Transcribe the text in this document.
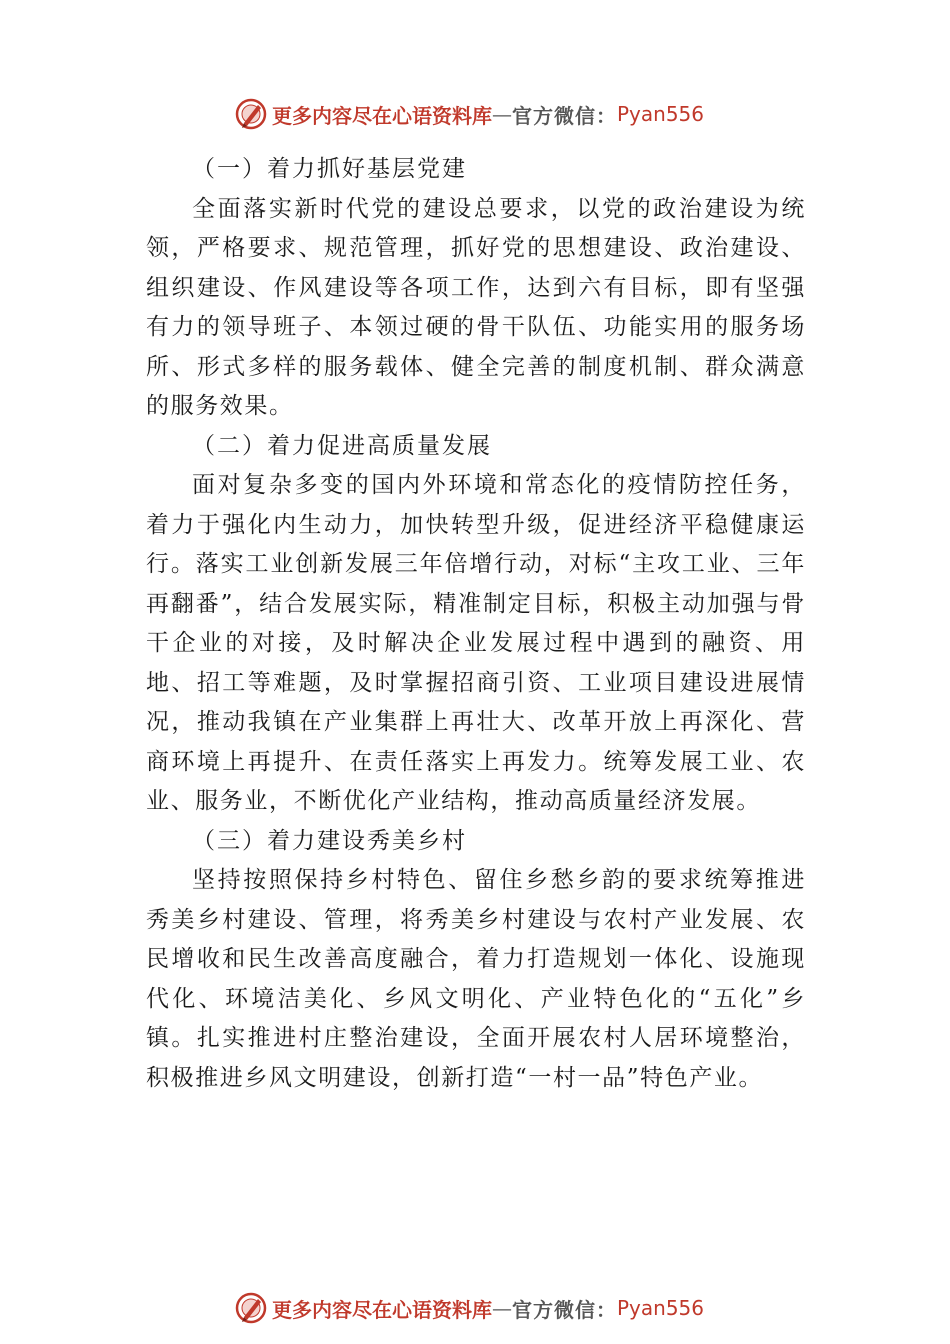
更多内容尽在心语资料库 — 官方微信： Pyan556

（一）着力抓好基层党建

全面落实新时代党的建设总要求，以党的政治建设为统领，严格要求、规范管理，抓好党的思想建设、政治建设、组织建设、作风建设等各项工作，达到六有目标，即有坚强有力的领导班子、本领过硬的骨干队伍、功能实用的服务场所、形式多样的服务载体、健全完善的制度机制、群众满意的服务效果。

（二）着力促进高质量发展

面对复杂多变的国内外环境和常态化的疫情防控任务，着力于强化内生动力，加快转型升级，促进经济平稳健康运行。落实工业创新发展三年倍增行动，对标“主攻工业、三年再翻番”，结合发展实际，精准制定目标，积极主动加强与骨干企业的对接，及时解决企业发展过程中遇到的融资、用地、招工等难题，及时掌握招商引资、工业项目建设进展情况，推动我镇在产业集群上再壮大、改革开放上再深化、营商环境上再提升、在责任落实上再发力。统筹发展工业、农业、服务业，不断优化产业结构，推动高质量经济发展。

（三）着力建设秀美乡村

坚持按照保持乡村特色、留住乡愁乡韵的要求统筹推进秀美乡村建设、管理，将秀美乡村建设与农村产业发展、农民增收和民生改善高度融合，着力打造规划一体化、设施现代化、环境洁美化、乡风文明化、产业特色化的“五化”乡镇。扎实推进村庄整治建设，全面开展农村人居环境整治，积极推进乡风文明建设，创新打造“一村一品”特色产业。

更多内容尽在心语资料库 — 官方微信： Pyan556
